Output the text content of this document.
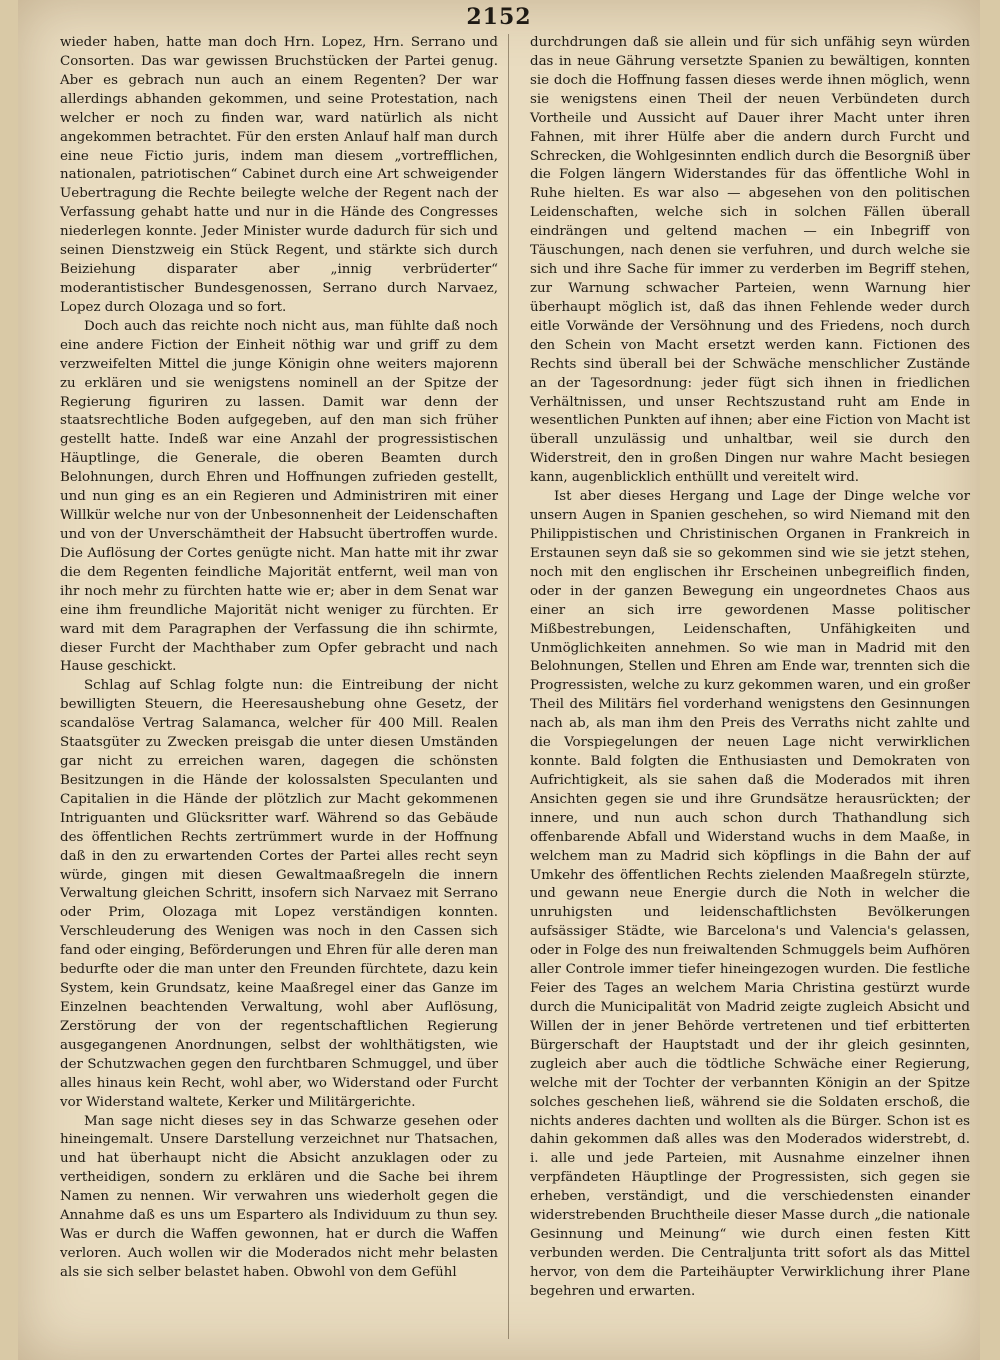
2152

wieder haben, hatte man doch Hrn. Lopez, Hrn. Serrano und Consorten. Das war gewissen Bruchstücken der Partei genug. Aber es gebrach nun auch an einem Regenten? Der war allerdings abhanden gekommen, und seine Protestation, nach welcher er noch zu finden war, ward natürlich als nicht angekommen betrachtet. Für den ersten Anlauf half man durch eine neue Fictio juris, indem man diesem „vortrefflichen, nationalen, patriotischen“ Cabinet durch eine Art schweigender Uebertragung die Rechte beilegte welche der Regent nach der Verfassung gehabt hatte und nur in die Hände des Congresses niederlegen konnte. Jeder Minister wurde dadurch für sich und seinen Dienstzweig ein Stück Regent, und stärkte sich durch Beiziehung disparater aber „innig verbrüderter“ moderantistischer Bundesgenossen, Serrano durch Narvaez, Lopez durch Olozaga und so fort.

Doch auch das reichte noch nicht aus, man fühlte daß noch eine andere Fiction der Einheit nöthig war und griff zu dem verzweifelten Mittel die junge Königin ohne weiters majorenn zu erklären und sie wenigstens nominell an der Spitze der Regierung figuriren zu lassen. Damit war denn der staatsrechtliche Boden aufgegeben, auf den man sich früher gestellt hatte. Indeß war eine Anzahl der progressistischen Häuptlinge, die Generale, die oberen Beamten durch Belohnungen, durch Ehren und Hoffnungen zufrieden gestellt, und nun ging es an ein Regieren und Administriren mit einer Willkür welche nur von der Unbesonnenheit der Leidenschaften und von der Unverschämtheit der Habsucht übertroffen wurde. Die Auflösung der Cortes genügte nicht. Man hatte mit ihr zwar die dem Regenten feindliche Majorität entfernt, weil man von ihr noch mehr zu fürchten hatte wie er; aber in dem Senat war eine ihm freundliche Majorität nicht weniger zu fürchten. Er ward mit dem Paragraphen der Verfassung die ihn schirmte, dieser Furcht der Machthaber zum Opfer gebracht und nach Hause geschickt.

Schlag auf Schlag folgte nun: die Eintreibung der nicht bewilligten Steuern, die Heeresaushebung ohne Gesetz, der scandalöse Vertrag Salamanca, welcher für 400 Mill. Realen Staatsgüter zu Zwecken preisgab die unter diesen Umständen gar nicht zu erreichen waren, dagegen die schönsten Besitzungen in die Hände der kolossalsten Speculanten und Capitalien in die Hände der plötzlich zur Macht gekommenen Intriguanten und Glücksritter warf. Während so das Gebäude des öffentlichen Rechts zertrümmert wurde in der Hoffnung daß in den zu erwartenden Cortes der Partei alles recht seyn würde, gingen mit diesen Gewaltmaaßregeln die innern Verwaltung gleichen Schritt, insofern sich Narvaez mit Serrano oder Prim, Olozaga mit Lopez verständigen konnten. Verschleuderung des Wenigen was noch in den Cassen sich fand oder einging, Beförderungen und Ehren für alle deren man bedurfte oder die man unter den Freunden fürchtete, dazu kein System, kein Grundsatz, keine Maaßregel einer das Ganze im Einzelnen beachtenden Verwaltung, wohl aber Auflösung, Zerstörung der von der regentschaftlichen Regierung ausgegangenen Anordnungen, selbst der wohlthätigsten, wie der Schutzwachen gegen den furchtbaren Schmuggel, und über alles hinaus kein Recht, wohl aber, wo Widerstand oder Furcht vor Widerstand waltete, Kerker und Militärgerichte.

Man sage nicht dieses sey in das Schwarze gesehen oder hineingemalt. Unsere Darstellung verzeichnet nur Thatsachen, und hat überhaupt nicht die Absicht anzuklagen oder zu vertheidigen, sondern zu erklären und die Sache bei ihrem Namen zu nennen. Wir verwahren uns wiederholt gegen die Annahme daß es uns um Espartero als Individuum zu thun sey. Was er durch die Waffen gewonnen, hat er durch die Waffen verloren. Auch wollen wir die Moderados nicht mehr belasten als sie sich selber belastet haben. Obwohl von dem Gefühl

durchdrungen daß sie allein und für sich unfähig seyn würden das in neue Gährung versetzte Spanien zu bewältigen, konnten sie doch die Hoffnung fassen dieses werde ihnen möglich, wenn sie wenigstens einen Theil der neuen Verbündeten durch Vortheile und Aussicht auf Dauer ihrer Macht unter ihren Fahnen, mit ihrer Hülfe aber die andern durch Furcht und Schrecken, die Wohlgesinnten endlich durch die Besorgniß über die Folgen längern Widerstandes für das öffentliche Wohl in Ruhe hielten. Es war also — abgesehen von den politischen Leidenschaften, welche sich in solchen Fällen überall eindrängen und geltend machen — ein Inbegriff von Täuschungen, nach denen sie verfuhren, und durch welche sie sich und ihre Sache für immer zu verderben im Begriff stehen, zur Warnung schwacher Parteien, wenn Warnung hier überhaupt möglich ist, daß das ihnen Fehlende weder durch eitle Vorwände der Versöhnung und des Friedens, noch durch den Schein von Macht ersetzt werden kann. Fictionen des Rechts sind überall bei der Schwäche menschlicher Zustände an der Tagesordnung: jeder fügt sich ihnen in friedlichen Verhältnissen, und unser Rechtszustand ruht am Ende in wesentlichen Punkten auf ihnen; aber eine Fiction von Macht ist überall unzulässig und unhaltbar, weil sie durch den Widerstreit, den in großen Dingen nur wahre Macht besiegen kann, augenblicklich enthüllt und vereitelt wird.

Ist aber dieses Hergang und Lage der Dinge welche vor unsern Augen in Spanien geschehen, so wird Niemand mit den Philippistischen und Christinischen Organen in Frankreich in Erstaunen seyn daß sie so gekommen sind wie sie jetzt stehen, noch mit den englischen ihr Erscheinen unbegreiflich finden, oder in der ganzen Bewegung ein ungeordnetes Chaos aus einer an sich irre gewordenen Masse politischer Mißbestrebungen, Leidenschaften, Unfähigkeiten und Unmöglichkeiten annehmen. So wie man in Madrid mit den Belohnungen, Stellen und Ehren am Ende war, trennten sich die Progressisten, welche zu kurz gekommen waren, und ein großer Theil des Militärs fiel vorderhand wenigstens den Gesinnungen nach ab, als man ihm den Preis des Verraths nicht zahlte und die Vorspiegelungen der neuen Lage nicht verwirklichen konnte. Bald folgten die Enthusiasten und Demokraten von Aufrichtigkeit, als sie sahen daß die Moderados mit ihren Ansichten gegen sie und ihre Grundsätze herausrückten; der innere, und nun auch schon durch Thathandlung sich offenbarende Abfall und Widerstand wuchs in dem Maaße, in welchem man zu Madrid sich köpflings in die Bahn der auf Umkehr des öffentlichen Rechts zielenden Maaßregeln stürzte, und gewann neue Energie durch die Noth in welcher die unruhigsten und leidenschaftlichsten Bevölkerungen aufsässiger Städte, wie Barcelona's und Valencia's gelassen, oder in Folge des nun freiwaltenden Schmuggels beim Aufhören aller Controle immer tiefer hineingezogen wurden. Die festliche Feier des Tages an welchem Maria Christina gestürzt wurde durch die Municipalität von Madrid zeigte zugleich Absicht und Willen der in jener Behörde vertretenen und tief erbitterten Bürgerschaft der Hauptstadt und der ihr gleich gesinnten, zugleich aber auch die tödtliche Schwäche einer Regierung, welche mit der Tochter der verbannten Königin an der Spitze solches geschehen ließ, während sie die Soldaten erschoß, die nichts anderes dachten und wollten als die Bürger. Schon ist es dahin gekommen daß alles was den Moderados widerstrebt, d. i. alle und jede Parteien, mit Ausnahme einzelner ihnen verpfändeten Häuptlinge der Progressisten, sich gegen sie erheben, verständigt, und die verschiedensten einander widerstrebenden Bruchtheile dieser Masse durch „die nationale Gesinnung und Meinung“ wie durch einen festen Kitt verbunden werden. Die Centraljunta tritt sofort als das Mittel hervor, von dem die Parteihäupter Verwirklichung ihrer Plane begehren und erwarten.
